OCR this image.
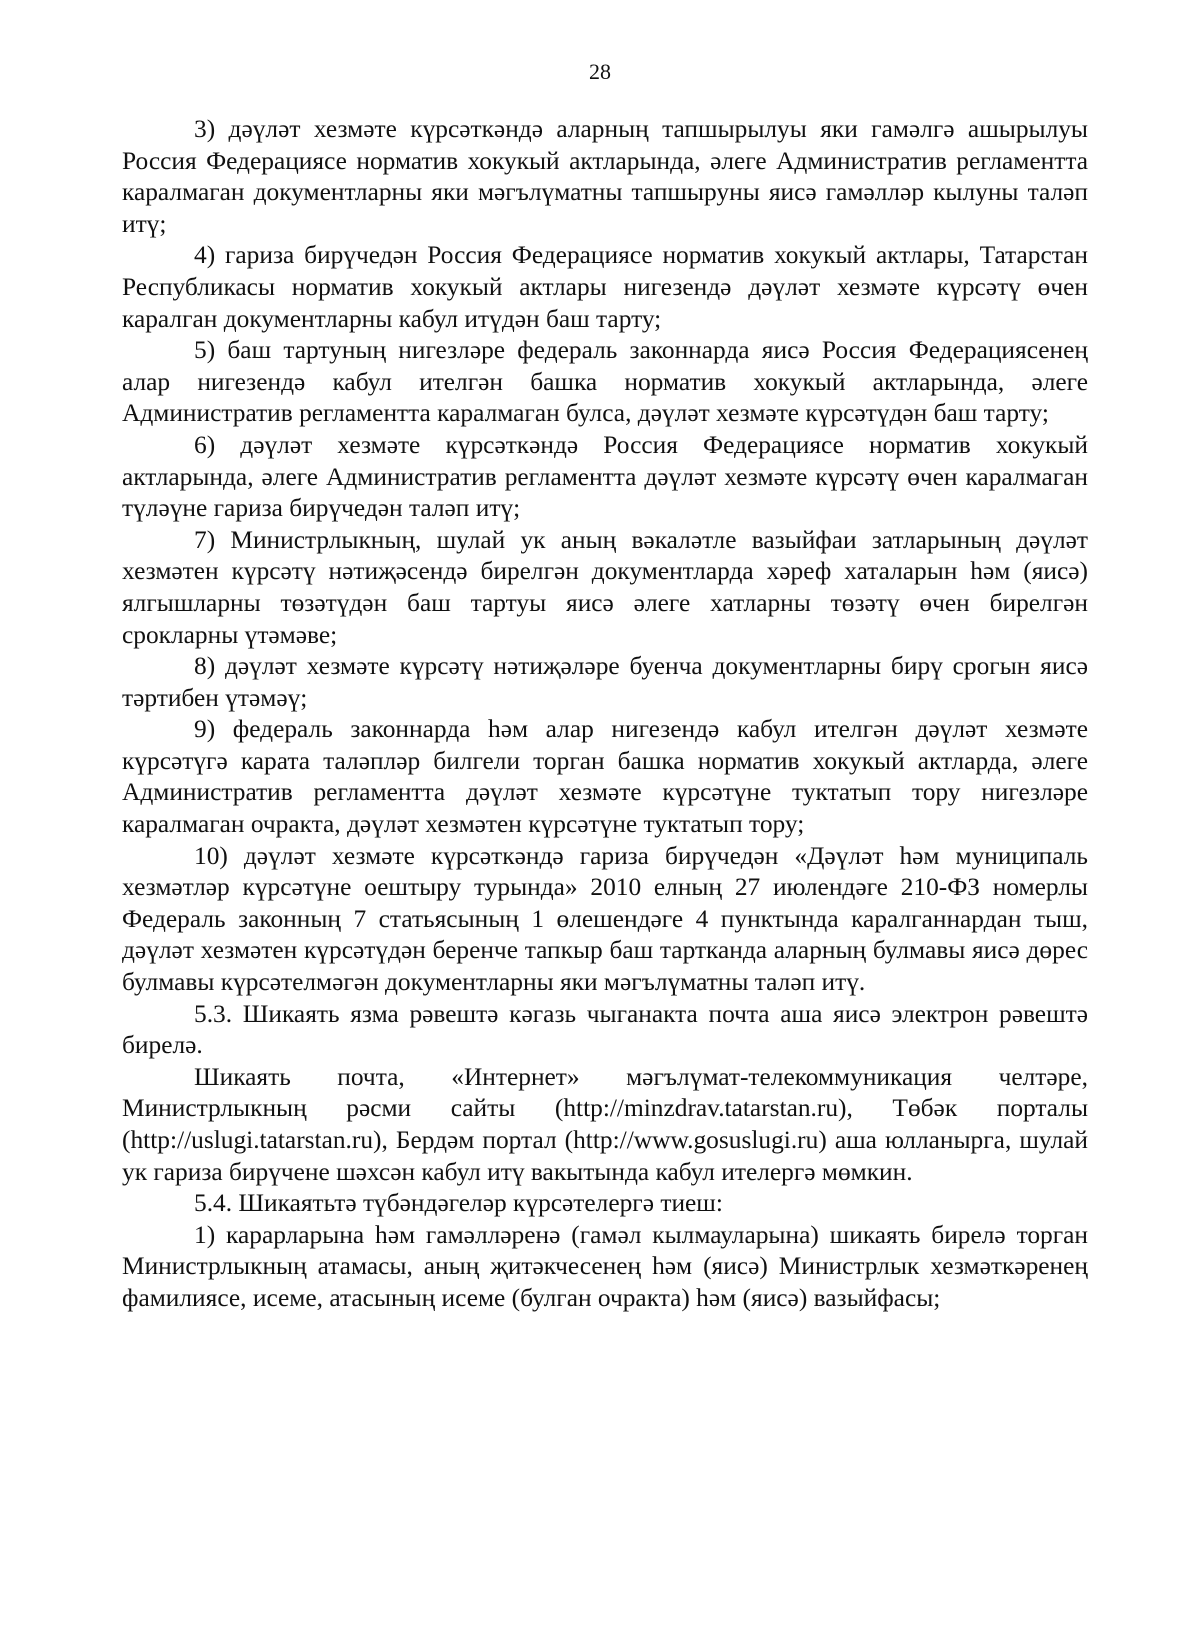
28

3) дәүләт хезмәте күрсәткәндә аларның тапшырылуы яки гамәлгә ашырылуы Россия Федерациясе норматив хокукый актларында, әлеге Административ регламентта каралмаган документларны яки мәгълүматны тапшыруны яисә гамәлләр кылуны таләп итү;

4) гариза бирүчедән Россия Федерациясе норматив хокукый актлары, Татарстан Республикасы норматив хокукый актлары нигезендә дәүләт хезмәте күрсәтү өчен каралган документларны кабул итүдән баш тарту;

5) баш тартуның нигезләре федераль законнарда яисә Россия Федерациясенең алар нигезендә кабул ителгән башка норматив хокукый актларында, әлеге Административ регламентта каралмаган булса, дәүләт хезмәте күрсәтүдән баш тарту;

6) дәүләт хезмәте күрсәткәндә Россия Федерациясе норматив хокукый актларында, әлеге Административ регламентта дәүләт хезмәте күрсәтү өчен каралмаган түләүне гариза бирүчедән таләп итү;

7) Министрлыкның, шулай ук аның вәкаләтле вазыйфаи затларының дәүләт хезмәтен күрсәтү нәтиҗәсендә бирелгән документларда хәреф хаталарын һәм (яисә) ялгышларны төзәтүдән баш тартуы яисә әлеге хатларны төзәтү өчен бирелгән срокларны үтәмәве;

8) дәүләт хезмәте күрсәтү нәтиҗәләре буенча документларны бирү срогын яисә тәртибен үтәмәү;

9) федераль законнарда һәм алар нигезендә кабул ителгән дәүләт хезмәте күрсәтүгә карата таләпләр билгели торган башка норматив хокукый актларда, әлеге Административ регламентта дәүләт хезмәте күрсәтүне туктатып тору нигезләре каралмаган очракта, дәүләт хезмәтен күрсәтүне туктатып тору;

10) дәүләт хезмәте күрсәткәндә гариза бирүчедән «Дәүләт һәм муниципаль хезмәтләр күрсәтүне оештыру турында» 2010 елның 27 июлендәге 210-ФЗ номерлы Федераль законның 7 статьясының 1 өлешендәге 4 пунктында каралганнардан тыш, дәүләт хезмәтен күрсәтүдән беренче тапкыр баш тартканда аларның булмавы яисә дөрес булмавы күрсәтелмәгән документларны яки мәгълүматны таләп итү.

5.3. Шикаять язма рәвештә кәгазь чыганакта почта аша яисә электрон рәвештә бирелә.

Шикаять почта, «Интернет» мәгълүмат-телекоммуникация челтәре, Министрлыкның рәсми сайты (http://minzdrav.tatarstan.ru), Төбәк порталы (http://uslugi.tatarstan.ru), Бердәм портал (http://www.gosuslugi.ru) аша юлланырга, шулай ук гариза бирүчене шәхсән кабул итү вакытында кабул ителергә мөмкин.

5.4. Шикаятьтә түбәндәгеләр күрсәтелергә тиеш:

1) карарларына һәм гамәлләренә (гамәл кылмауларына) шикаять бирелә торган Министрлыкның атамасы, аның җитәкчесенең һәм (яисә) Министрлык хезмәткәренең фамилиясе, исеме, атасының исеме (булган очракта) һәм (яисә) вазыйфасы;
